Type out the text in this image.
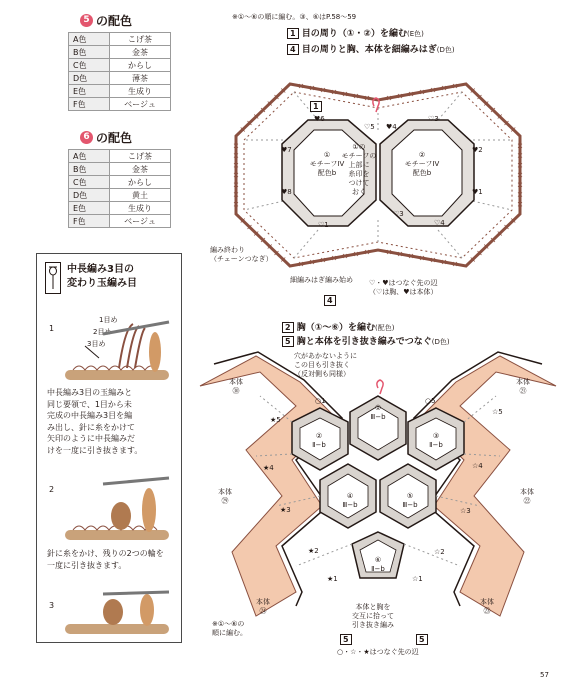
5 の配色
A色	こげ茶
B色	金茶
C色	からし
D色	薄茶
E色	生成り
F色	ベージュ
6 の配色
A色	こげ茶
B色	金茶
C色	からし
D色	黄土
E色	生成り
F色	ベージュ
中長編み3目の
変わり玉編み目
1
1目め
2目め
3目め
中長編み3目の玉編みと
同じ要領で、1目から未
完成の中長編み3目を編
み出し、針に糸をかけて
矢印のように中長編みだ
けを一度に引き抜きます。
2
針に糸をかけ、残りの2つの輪を
一度に引き抜きます。
3
※①〜⑥の順に編む。③、⑥はP.58〜59
1 目の周り（①・②）を編む(E色)
4 目の周りと胸、本体を細編みはぎ(D色)
1
①
モチーフIV
配色b
①の
モチーフの
上部に
糸印を
つけて
おく
②
モチーフIV
配色b
♥6
♥7
♥8
♡1
♡5 ♥4
♡3
♥2
♥1
♡4
♡3
編み終わり
（チェーンつなぎ）
細編みはぎ編み始め
4
♡・♥はつなぐ先の辺
（♡は胸、♥は本体）
2 胸（①〜⑥）を編む(配色)
5 胸と本体を引き抜き編みでつなぐ(D色)
穴があかないように
この目も引き抜く
（反対側も同様）
①
Ⅲ−b
②
Ⅱ−b
③
Ⅱ−b
④
Ⅲ−b
⑤
Ⅲ−b
⑥
Ⅱ−b
本体
㉚
本体
㉙
本体
㉔
本体
㉑
本体
㉒
本体
㉓
★5
★4
★3
★2
★1
○1
☆5
☆4
☆3
☆2
☆1
○5
本体と胸を
交互に拾って
引き抜き編み
5	5
※①〜⑥の
順に編む。
○・☆・★はつなぐ先の辺
57
